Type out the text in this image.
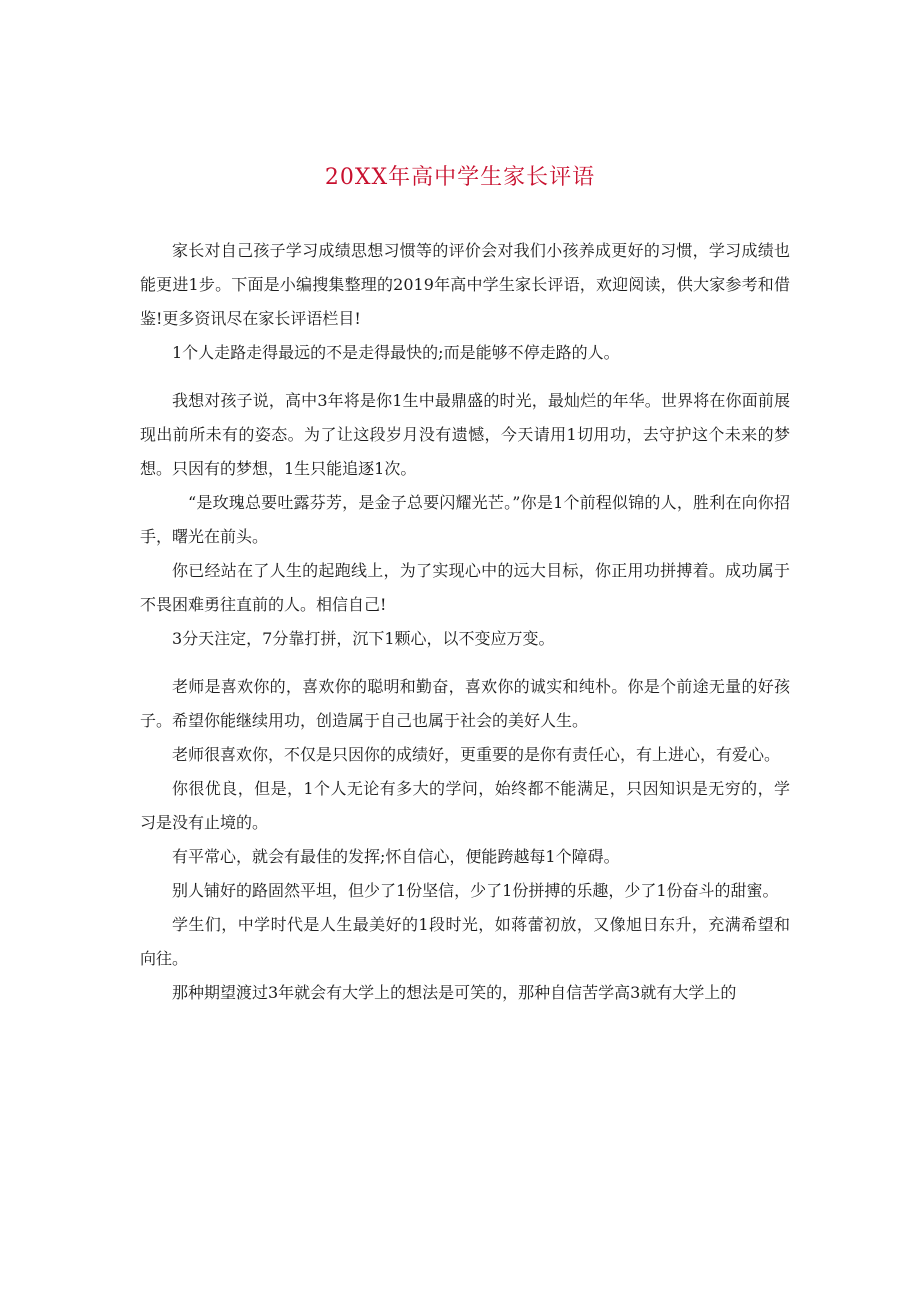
20XX年高中学生家长评语

家长对自己孩子学习成绩思想习惯等的评价会对我们小孩养成更好的习惯，学习成绩也能更进1步。下面是小编搜集整理的2019年高中学生家长评语，欢迎阅读，供大家参考和借鉴!更多资讯尽在家长评语栏目!

1个人走路走得最远的不是走得最快的;而是能够不停走路的人。

我想对孩子说，高中3年将是你1生中最鼎盛的时光，最灿烂的年华。世界将在你面前展现出前所未有的姿态。为了让这段岁月没有遗憾，今天请用1切用功，去守护这个未来的梦想。只因有的梦想，1生只能追逐1次。

“是玫瑰总要吐露芬芳，是金子总要闪耀光芒。”你是1个前程似锦的人，胜利在向你招手，曙光在前头。

你已经站在了人生的起跑线上，为了实现心中的远大目标，你正用功拼搏着。成功属于不畏困难勇往直前的人。相信自己!

3分天注定，7分靠打拼，沉下1颗心，以不变应万变。

老师是喜欢你的，喜欢你的聪明和勤奋，喜欢你的诚实和纯朴。你是个前途无量的好孩子。希望你能继续用功，创造属于自己也属于社会的美好人生。

老师很喜欢你，不仅是只因你的成绩好，更重要的是你有责任心，有上进心，有爱心。

你很优良，但是，1个人无论有多大的学问，始终都不能满足，只因知识是无穷的，学习是没有止境的。

有平常心，就会有最佳的发挥;怀自信心，便能跨越每1个障碍。

别人铺好的路固然平坦，但少了1份坚信，少了1份拼搏的乐趣，少了1份奋斗的甜蜜。

学生们，中学时代是人生最美好的1段时光，如蒋蕾初放，又像旭日东升，充满希望和向往。

那种期望渡过3年就会有大学上的想法是可笑的，那种自信苦学高3就有大学上的
